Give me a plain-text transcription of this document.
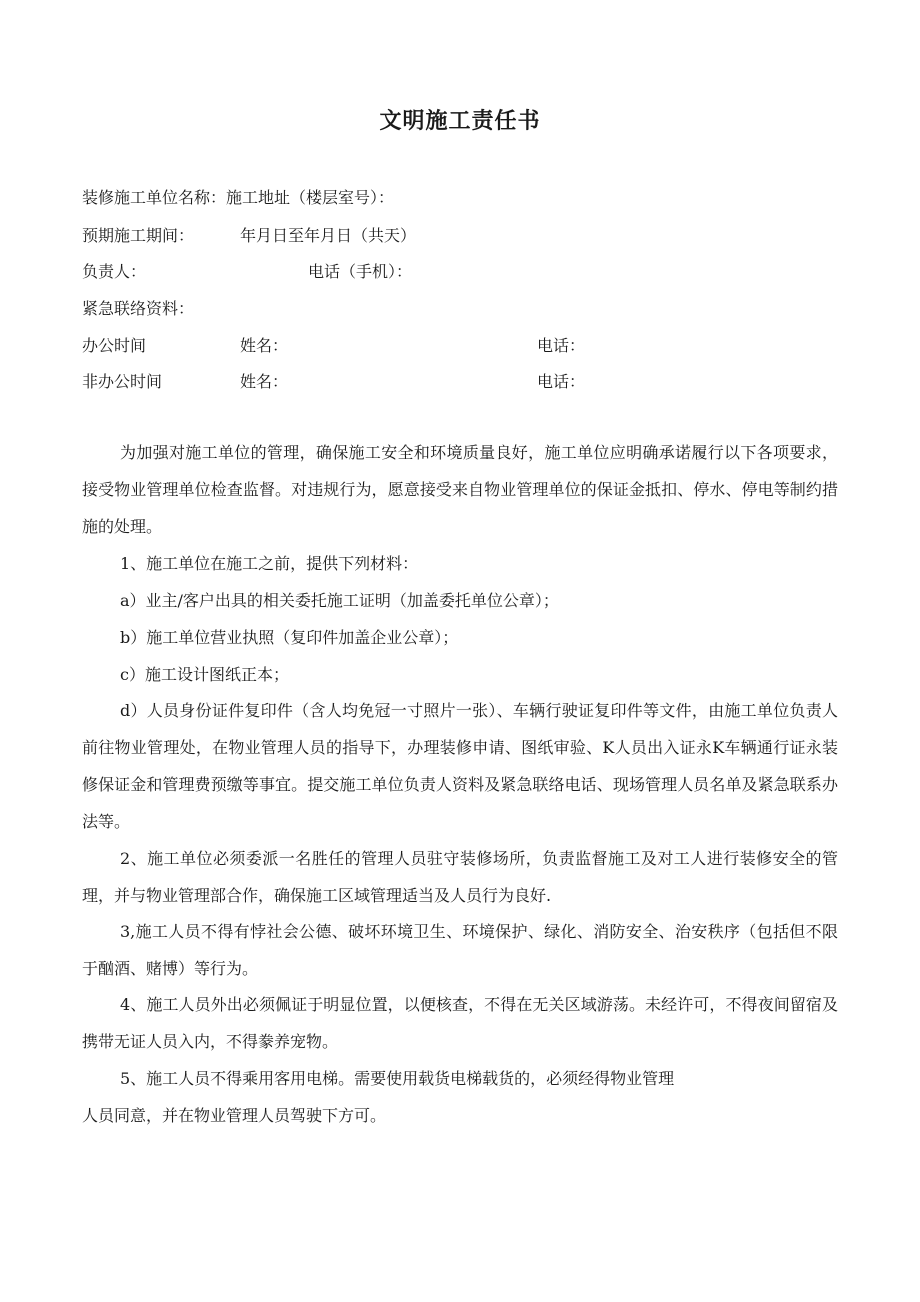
文明施工责任书
装修施工单位名称：施工地址（楼层室号）：
预期施工期间：	年月日至年月日（共天）
负责人：	电话（手机）：
紧急联络资料：
办公时间	姓名：	电话：
非办公时间	姓名：	电话：

为加强对施工单位的管理，确保施工安全和环境质量良好，施工单位应明确承诺履行以下各项要求，接受物业管理单位检查监督。对违规行为，愿意接受来自物业管理单位的保证金抵扣、停水、停电等制约措施的处理。

1、施工单位在施工之前，提供下列材料：

a）业主/客户出具的相关委托施工证明（加盖委托单位公章）；

b）施工单位营业执照（复印件加盖企业公章）；

c）施工设计图纸正本；

d）人员身份证件复印件（含人均免冠一寸照片一张）、车辆行驶证复印件等文件，由施工单位负责人前往物业管理处，在物业管理人员的指导下，办理装修申请、图纸审验、K人员出入证永K车辆通行证永装修保证金和管理费预缴等事宜。提交施工单位负责人资料及紧急联络电话、现场管理人员名单及紧急联系办法等。

2、施工单位必须委派一名胜任的管理人员驻守装修场所，负责监督施工及对工人进行装修安全的管理，并与物业管理部合作，确保施工区域管理适当及人员行为良好.

3,施工人员不得有悖社会公德、破坏环境卫生、环境保护、绿化、消防安全、治安秩序（包括但不限于酗酒、赌博）等行为。

4、施工人员外出必须佩证于明显位置，以便核查，不得在无关区域游荡。未经许可，不得夜间留宿及携带无证人员入内，不得豢养宠物。

5、施工人员不得乘用客用电梯。需要使用载货电梯载货的，必须经得物业管理

人员同意，并在物业管理人员驾驶下方可。
